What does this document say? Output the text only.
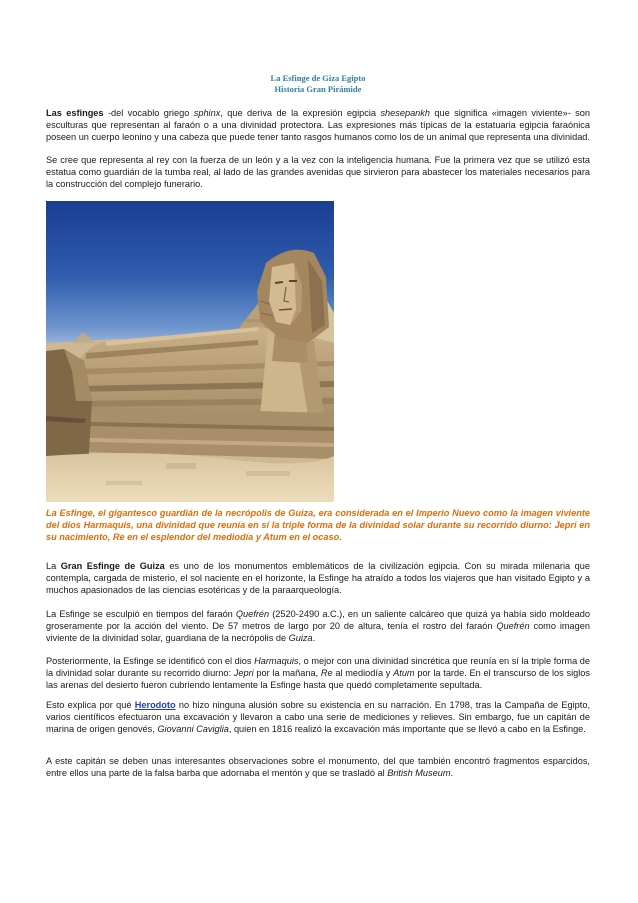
La Esfinge de Giza Egipto
Historia Gran Pirámide

Las esfinges -del vocablo griego sphinx, que deriva de la expresión egipcia shesepankh que significa «imagen viviente»- son esculturas que representan al faraón o a una divinidad protectora. Las expresiones más típicas de la estatuaria egipcia faraónica poseen un cuerpo leonino y una cabeza que puede tener tanto rasgos humanos como los de un animal que representa una divinidad.

Se cree que representa al rey con la fuerza de un león y a la vez con la inteligencia humana. Fue la primera vez que se utilizó esta estatua como guardián de la tumba real, al lado de las grandes avenidas que sirvieron para abastecer los materiales necesarios para la construcción del complejo funerario.

La Esfinge, el gigantesco guardián de la necrópolis de Guiza, era considerada en el Imperio Nuevo como la imagen viviente del dios Harmaquis, una divinidad que reunía en sí la triple forma de la divinidad solar durante su recorrido diurno: Jepri en su nacimiento, Re en el esplendor del mediodía y Atum en el ocaso.

La Gran Esfinge de Guiza es uno de los monumentos emblemáticos de la civilización egipcia. Con su mirada milenaria que contempla, cargada de misterio, el sol naciente en el horizonte, la Esfinge ha atraído a todos los viajeros que han visitado Egipto y a muchos apasionados de las ciencias esotéricas y de la paraarqueología.

La Esfinge se esculpió en tiempos del faraón Quefrén (2520-2490 a.C.), en un saliente calcáreo que quizá ya había sido moldeado groseramente por la acción del viento. De 57 metros de largo por 20 de altura, tenía el rostro del faraón Quefrén como imagen viviente de la divinidad solar, guardiana de la necrópolis de Guiza.

Posteriormente, la Esfinge se identificó con el dios Harmaquis, o mejor con una divinidad sincrética que reunía en sí la triple forma de la divinidad solar durante su recorrido diurno: Jepri por la mañana, Re al mediodía y Atum por la tarde. En el transcurso de los siglos las arenas del desierto fueron cubriendo lentamente la Esfinge hasta que quedó completamente sepultada.

Esto explica por qué Herodoto no hizo ninguna alusión sobre su existencia en su narración. En 1798, tras la Campaña de Egipto, varios científicos efectuaron una excavación y llevaron a cabo una serie de mediciones y relieves. Sin embargo, fue un capitán de marina de origen genovés, Giovanni Caviglia, quien en 1816 realizó la excavación más importante que se llevó a cabo en la Esfinge.

A este capitán se deben unas interesantes observaciones sobre el monumento, del que también encontró fragmentos esparcidos, entre ellos una parte de la falsa barba que adornaba el mentón y que se trasladó al British Museum.
